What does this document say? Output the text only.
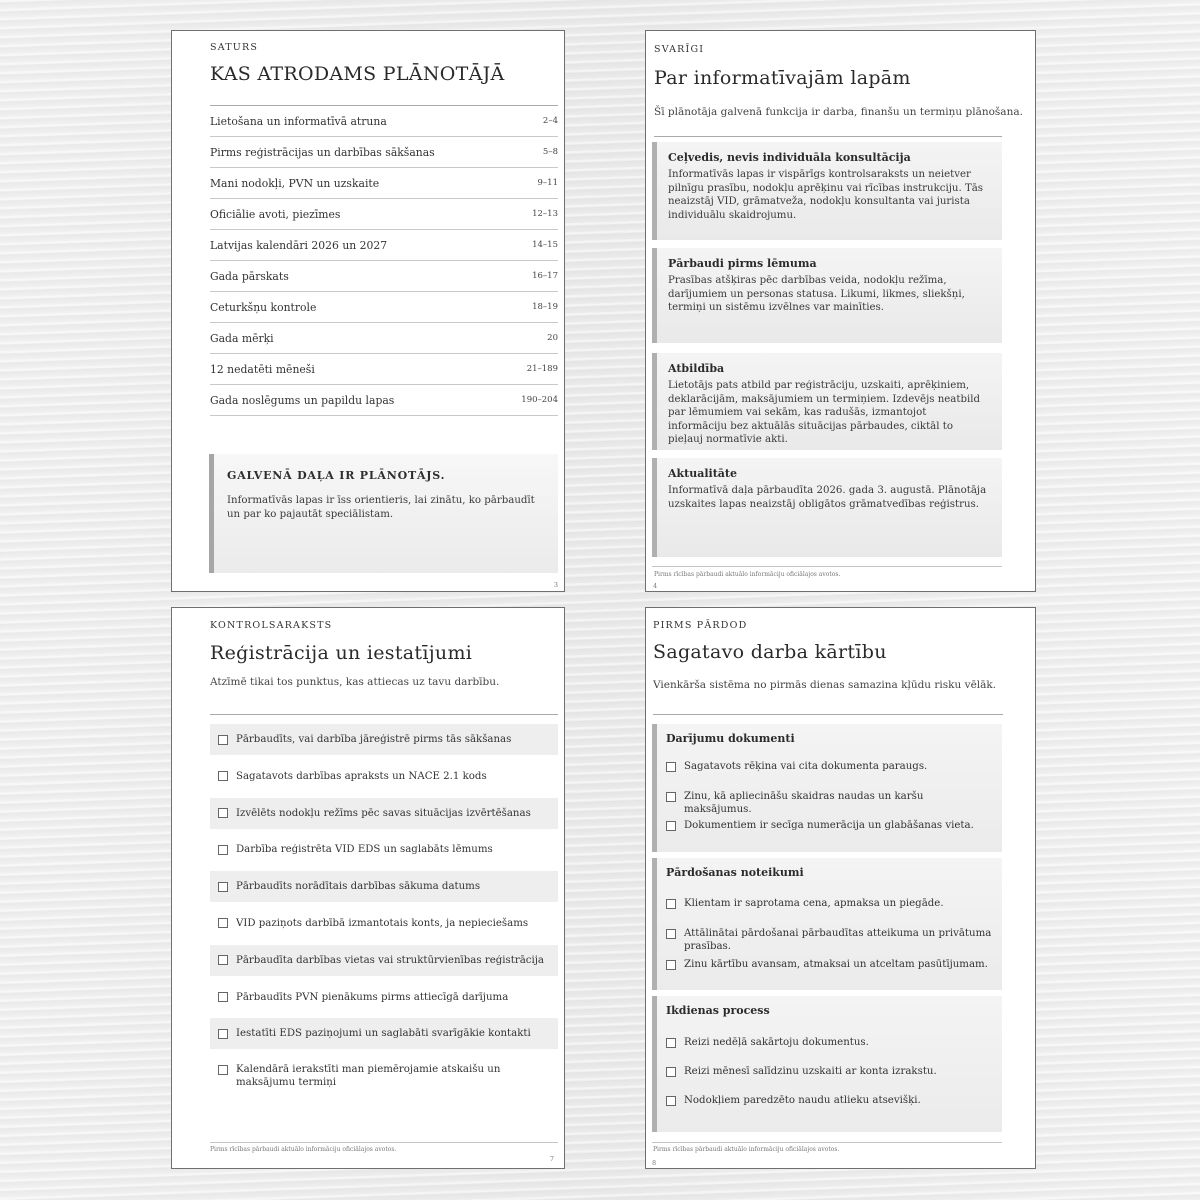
SATURS
KAS ATRODAMS PLĀNOTĀJĀ
Lietošana un informatīvā atruna	2–4
Pirms reģistrācijas un darbības sākšanas	5–8
Mani nodokļi, PVN un uzskaite	9–11
Oficiālie avoti, piezīmes	12–13
Latvijas kalendāri 2026 un 2027	14–15
Gada pārskats	16–17
Ceturkšņu kontrole	18–19
Gada mērķi	20
12 nedatēti mēneši	21–189
Gada noslēgums un papildu lapas	190–204
GALVENĀ DAĻA IR PLĀNOTĀJS.

Informatīvās lapas ir īss orientieris, lai zinātu, ko pārbaudīt un par ko pajautāt speciālistam.

3
SVARĪGI
Par informatīvajām lapām
Šī plānotāja galvenā funkcija ir darba, finanšu un termiņu plānošana.
Ceļvedis, nevis individuāla konsultācija

Informatīvās lapas ir vispārīgs kontrolsaraksts un neietver pilnīgu prasību, nodokļu aprēķinu vai rīcības instrukciju. Tās neaizstāj VID, grāmatveža, nodokļu konsultanta vai jurista individuālu skaidrojumu.

Pārbaudi pirms lēmuma

Prasības atšķiras pēc darbības veida, nodokļu režīma, darījumiem un personas statusa. Likumi, likmes, sliekšņi, termiņi un sistēmu izvēlnes var mainīties.

Atbildība

Lietotājs pats atbild par reģistrāciju, uzskaiti, aprēķiniem, deklarācijām, maksājumiem un termiņiem. Izdevējs neatbild par lēmumiem vai sekām, kas radušās, izmantojot informāciju bez aktuālās situācijas pārbaudes, ciktāl to pieļauj normatīvie akti.

Aktualitāte

Informatīvā daļa pārbaudīta 2026. gada 3. augustā. Plānotāja uzskaites lapas neaizstāj obligātos grāmatvedības reģistrus.

Pirms rīcības pārbaudi aktuālo informāciju oficiālajos avotos.
4
KONTROLSARAKSTS
Reģistrācija un iestatījumi
Atzīmē tikai tos punktus, kas attiecas uz tavu darbību.
Pārbaudīts, vai darbība jāreģistrē pirms tās sākšanas
Sagatavots darbības apraksts un NACE 2.1 kods
Izvēlēts nodokļu režīms pēc savas situācijas izvērtēšanas
Darbība reģistrēta VID EDS un saglabāts lēmums
Pārbaudīts norādītais darbības sākuma datums
VID paziņots darbībā izmantotais konts, ja nepieciešams
Pārbaudīta darbības vietas vai struktūrvienības reģistrācija
Pārbaudīts PVN pienākums pirms attiecīgā darījuma
Iestatīti EDS paziņojumi un saglabāti svarīgākie kontakti
Kalendārā ierakstīti man piemērojamie atskaišu un maksājumu termiņi
Pirms rīcības pārbaudi aktuālo informāciju oficiālajos avotos.
7
PIRMS PĀRDOD
Sagatavo darba kārtību
Vienkārša sistēma no pirmās dienas samazina kļūdu risku vēlāk.
Darījumu dokumenti
Sagatavots rēķina vai cita dokumenta paraugs.
Zinu, kā apliecināšu skaidras naudas un karšu maksājumus.
Dokumentiem ir secīga numerācija un glabāšanas vieta.
Pārdošanas noteikumi
Klientam ir saprotama cena, apmaksa un piegāde.
Attālinātai pārdošanai pārbaudītas atteikuma un privātuma prasības.
Zinu kārtību avansam, atmaksai un atceltam pasūtījumam.
Ikdienas process
Reizi nedēļā sakārtoju dokumentus.
Reizi mēnesī salīdzinu uzskaiti ar konta izrakstu.
Nodokļiem paredzēto naudu atlieku atsevišķi.
Pirms rīcības pārbaudi aktuālo informāciju oficiālajos avotos.
8
